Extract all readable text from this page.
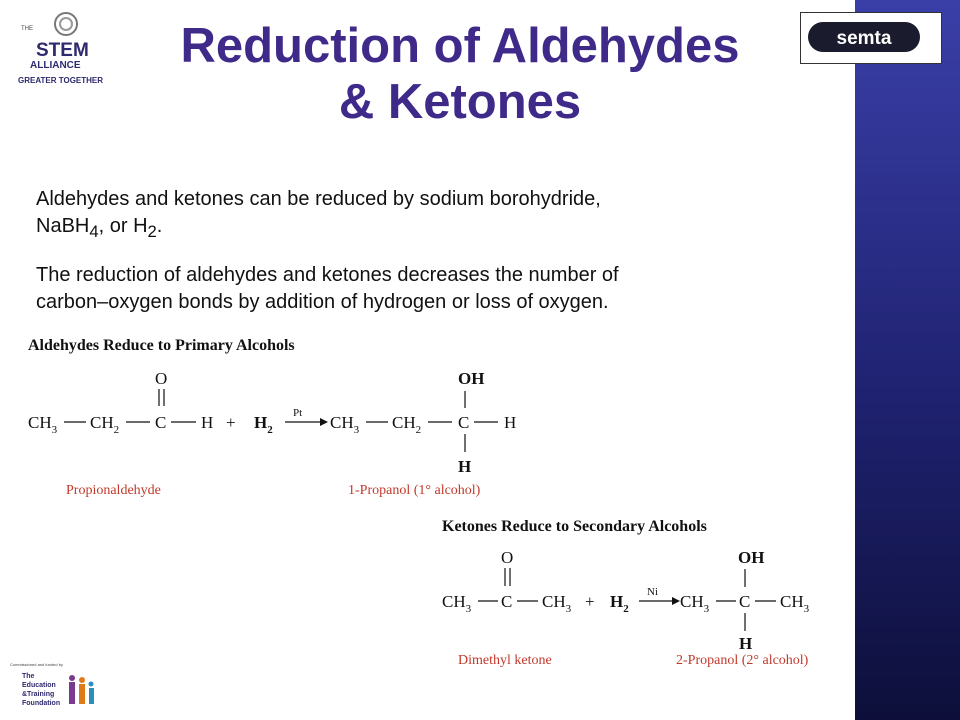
THE
STEM
ALLIANCE
GREATER TOGETHER
semta
Reduction of Aldehydes
& Ketones

Aldehydes and ketones can be reduced by sodium borohydride,
NaBH$_4$, or $H_2$.

The reduction of aldehydes and ketones decreases the number of
carbon–oxygen bonds by addition of hydrogen or loss of oxygen.

Aldehydes Reduce to Primary Alcohols
O
$CH_3$ $CH_2$ C $H + H_2$
Pt $CH_3$ $CH_2$
OH
C H
H
Propionaldehyde	1-Propanol (1° alcohol)
Ketones Reduce to Secondary Alcohols
O
$CH_3$ C $CH_3 + H_2$
Ni $CH_3$
OH
C $CH_3$
H
Dimethyl ketone	2-Propanol (2° alcohol)
Commissioned and funded by
The
Education
&Training
Foundation
